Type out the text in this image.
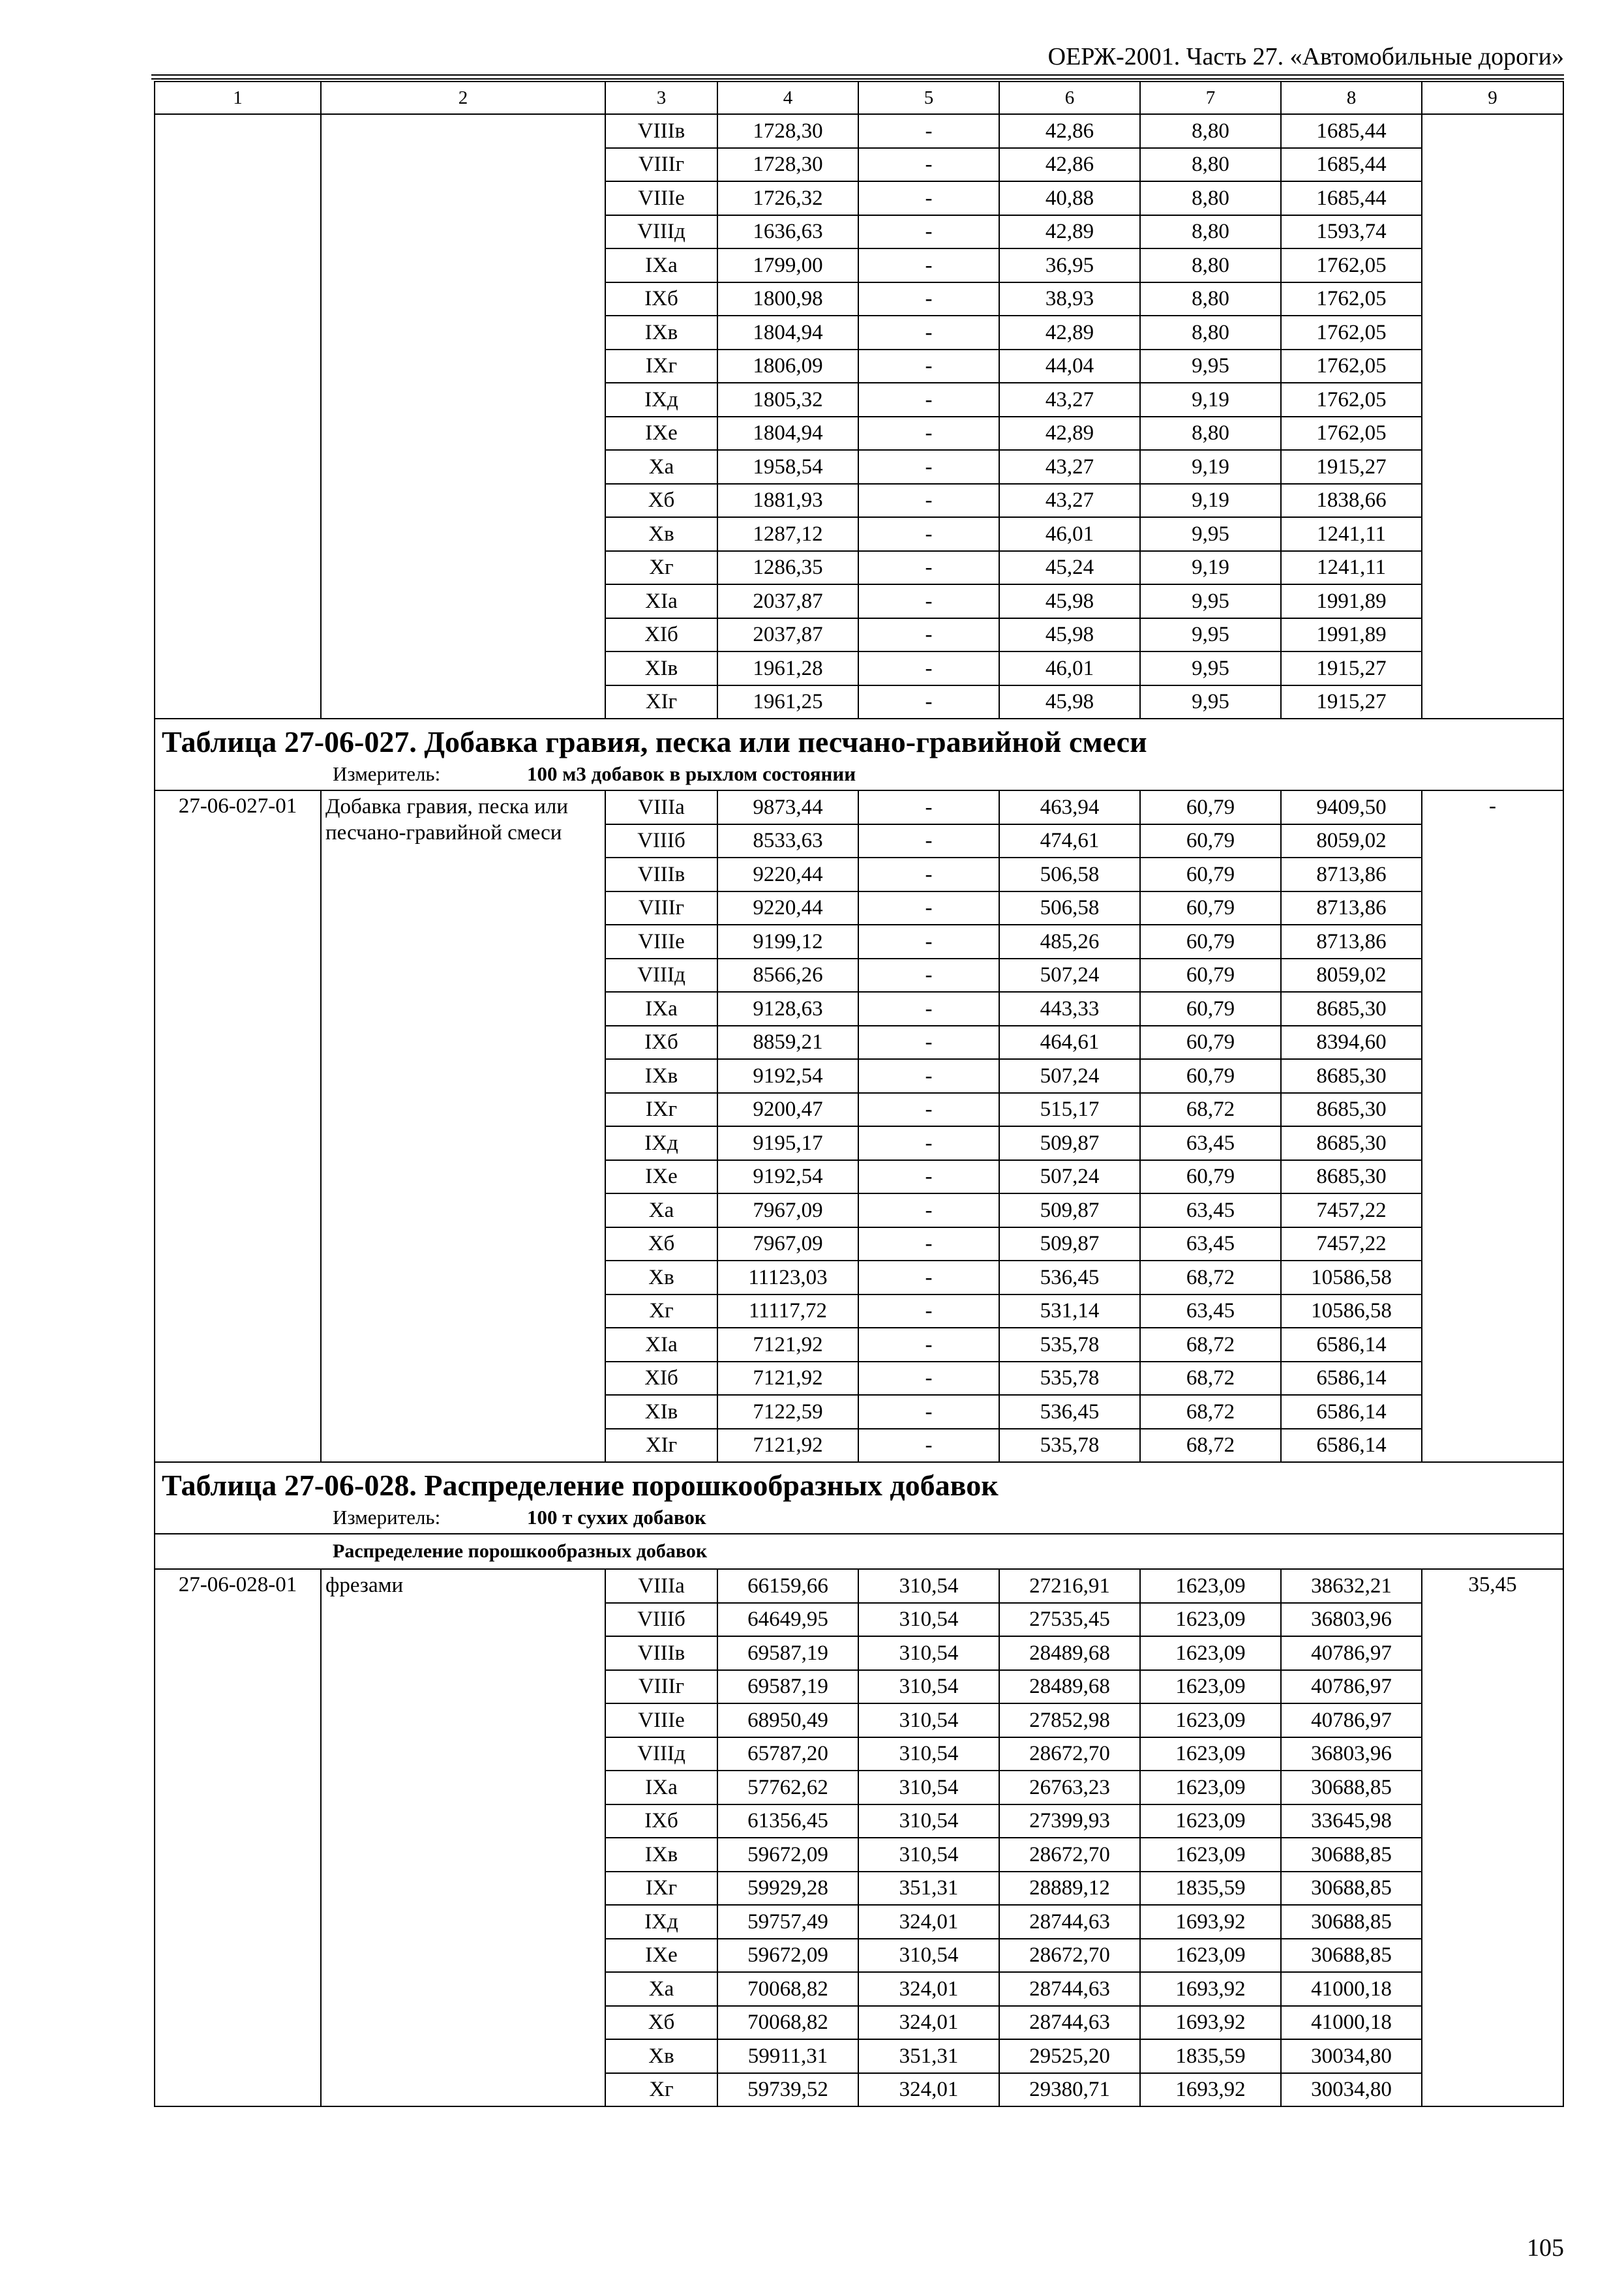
ОЕРЖ-2001. Часть 27. «Автомобильные дороги»
1	2	3	4	5	6	7	8	9
		VIIIв	1728,30	-	42,86	8,80	1685,44	
		VIIIг	1728,30	-	42,86	8,80	1685,44	
		VIIIе	1726,32	-	40,88	8,80	1685,44	
		VIIIд	1636,63	-	42,89	8,80	1593,74	
		IXа	1799,00	-	36,95	8,80	1762,05	
		IXб	1800,98	-	38,93	8,80	1762,05	
		IXв	1804,94	-	42,89	8,80	1762,05	
		IXг	1806,09	-	44,04	9,95	1762,05	
		IXд	1805,32	-	43,27	9,19	1762,05	
		IXе	1804,94	-	42,89	8,80	1762,05	
		Xа	1958,54	-	43,27	9,19	1915,27	
		Xб	1881,93	-	43,27	9,19	1838,66	
		Xв	1287,12	-	46,01	9,95	1241,11	
		Xг	1286,35	-	45,24	9,19	1241,11	
		XIа	2037,87	-	45,98	9,95	1991,89	
		XIб	2037,87	-	45,98	9,95	1991,89	
		XIв	1961,28	-	46,01	9,95	1915,27	
		XIг	1961,25	-	45,98	9,95	1915,27	

Таблица 27-06-027. Добавка гравия, песка или песчано-гравийной смеси
Измеритель: 100 м3 добавок в рыхлом состоянии								

27-06-027-01	Добавка гравия, песка или песчано-гравийной смеси	VIIIа	9873,44	-	463,94	60,79	9409,50	-
		VIIIб	8533,63	-	474,61	60,79	8059,02	
		VIIIв	9220,44	-	506,58	60,79	8713,86	
		VIIIг	9220,44	-	506,58	60,79	8713,86	
		VIIIе	9199,12	-	485,26	60,79	8713,86	
		VIIIд	8566,26	-	507,24	60,79	8059,02	
		IXа	9128,63	-	443,33	60,79	8685,30	
		IXб	8859,21	-	464,61	60,79	8394,60	
		IXв	9192,54	-	507,24	60,79	8685,30	
		IXг	9200,47	-	515,17	68,72	8685,30	
		IXд	9195,17	-	509,87	63,45	8685,30	
		IXе	9192,54	-	507,24	60,79	8685,30	
		Xа	7967,09	-	509,87	63,45	7457,22	
		Xб	7967,09	-	509,87	63,45	7457,22	
		Xв	11123,03	-	536,45	68,72	10586,58	
		Xг	11117,72	-	531,14	63,45	10586,58	
		XIа	7121,92	-	535,78	68,72	6586,14	
		XIб	7121,92	-	535,78	68,72	6586,14	
		XIв	7122,59	-	536,45	68,72	6586,14	
		XIг	7121,92	-	535,78	68,72	6586,14	

Таблица 27-06-028. Распределение порошкообразных добавок
Измеритель: 100 т сухих добавок								

Распределение порошкообразных добавок								
27-06-028-01	фрезами	VIIIа	66159,66	310,54	27216,91	1623,09	38632,21	35,45
		VIIIб	64649,95	310,54	27535,45	1623,09	36803,96	
		VIIIв	69587,19	310,54	28489,68	1623,09	40786,97	
		VIIIг	69587,19	310,54	28489,68	1623,09	40786,97	
		VIIIе	68950,49	310,54	27852,98	1623,09	40786,97	
		VIIIд	65787,20	310,54	28672,70	1623,09	36803,96	
		IXа	57762,62	310,54	26763,23	1623,09	30688,85	
		IXб	61356,45	310,54	27399,93	1623,09	33645,98	
		IXв	59672,09	310,54	28672,70	1623,09	30688,85	
		IXг	59929,28	351,31	28889,12	1835,59	30688,85	
		IXд	59757,49	324,01	28744,63	1693,92	30688,85	
		IXе	59672,09	310,54	28672,70	1623,09	30688,85	
		Xа	70068,82	324,01	28744,63	1693,92	41000,18	
		Xб	70068,82	324,01	28744,63	1693,92	41000,18	
		Xв	59911,31	351,31	29525,20	1835,59	30034,80	
		Xг	59739,52	324,01	29380,71	1693,92	30034,80	
105
